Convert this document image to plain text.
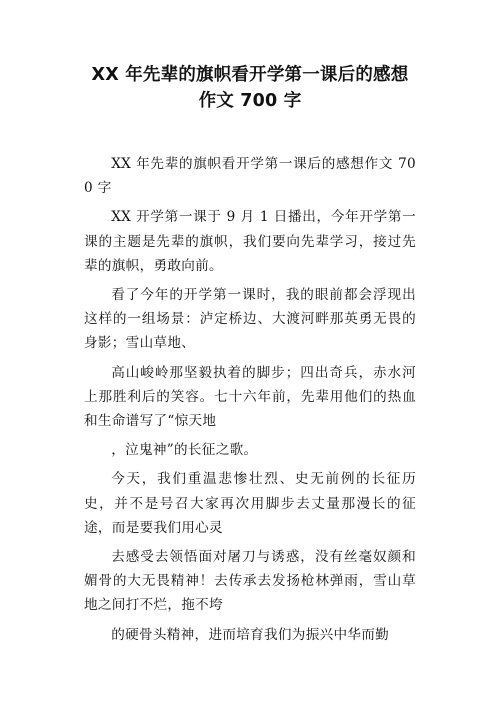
XX 年先辈的旗帜看开学第一课后的感想作文 700 字

XX 年先辈的旗帜看开学第一课后的感想作文 700 字

XX 开学第一课于 9 月 1 日播出，今年开学第一课的主题是先辈的旗帜，我们要向先辈学习，接过先辈的旗帜，勇敢向前。

看了今年的开学第一课时，我的眼前都会浮现出这样的一组场景：泸定桥边、大渡河畔那英勇无畏的身影；雪山草地、

高山峻岭那坚毅执着的脚步；四出奇兵，赤水河上那胜利后的笑容。七十六年前，先辈用他们的热血和生命谱写了“惊天地

，泣鬼神”的长征之歌。

今天，我们重温悲惨壮烈、史无前例的长征历史，并不是号召大家再次用脚步去丈量那漫长的征途，而是要我们用心灵

去感受去领悟面对屠刀与诱惑，没有丝毫奴颜和媚骨的大无畏精神！去传承去发扬枪林弹雨，雪山草地之间打不烂，拖不垮

的硬骨头精神，进而培育我们为振兴中华而勤
